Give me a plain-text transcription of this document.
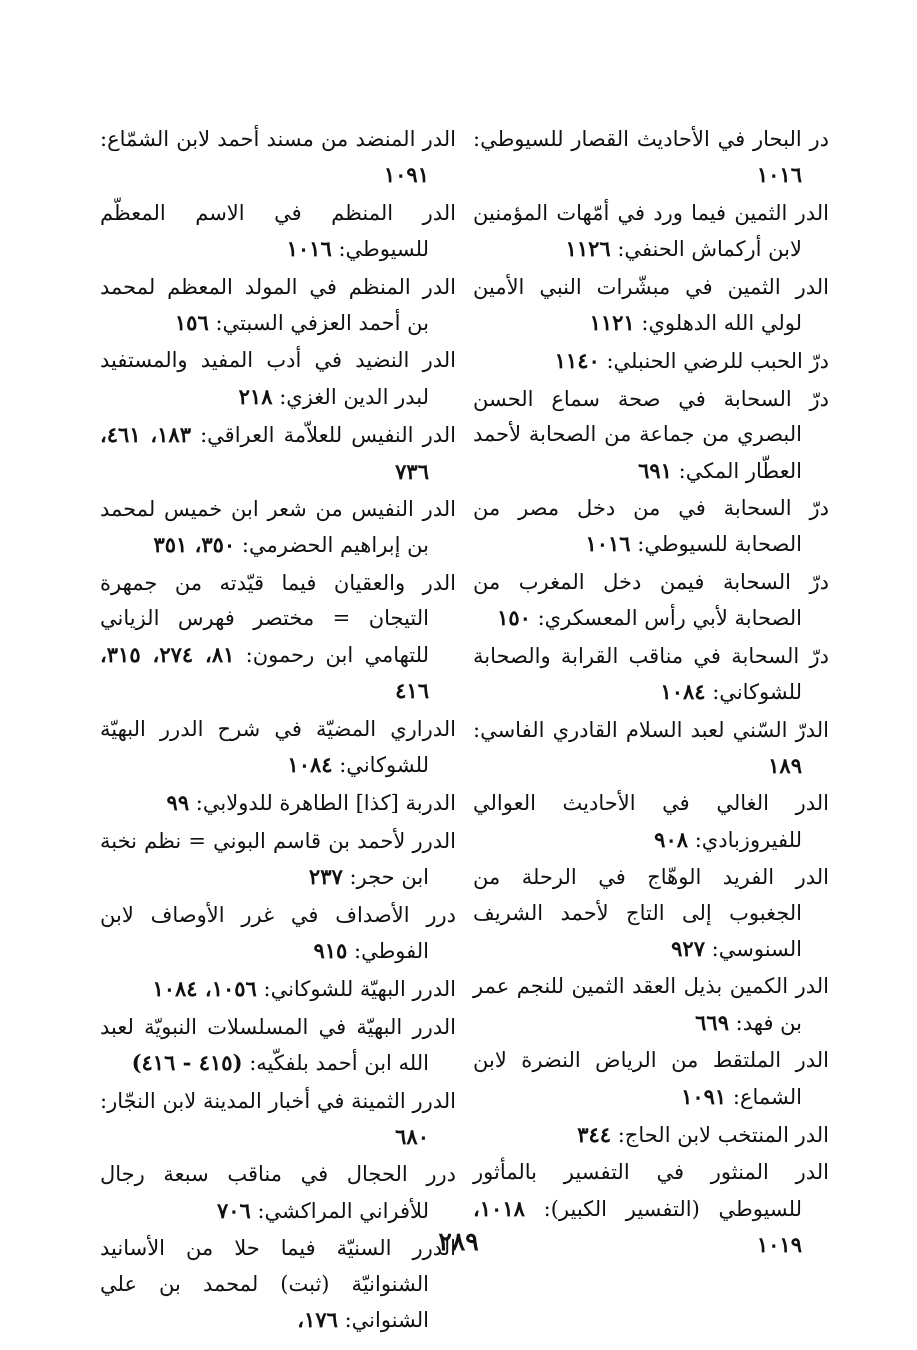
در البحار في الأحاديث القصار للسيوطي: ١٠١٦
الدر الثمين فيما ورد في أمّهات المؤمنين لابن أركماش الحنفي: ١١٢٦
الدر الثمين في مبشّرات النبي الأمين لولي الله الدهلوي: ١١٢١
درّ الحبب للرضي الحنبلي: ١١٤٠
درّ السحابة في صحة سماع الحسن البصري من جماعة من الصحابة لأحمد العطّار المكي: ٦٩١
درّ السحابة في من دخل مصر من الصحابة للسيوطي: ١٠١٦
درّ السحابة فيمن دخل المغرب من الصحابة لأبي رأس المعسكري: ١٥٠
درّ السحابة في مناقب القرابة والصحابة للشوكاني: ١٠٨٤
الدرّ السّني لعبد السلام القادري الفاسي: ١٨٩
الدر الغالي في الأحاديث العوالي للفيروزبادي: ٩٠٨
الدر الفريد الوهّاج في الرحلة من الجغبوب إلى التاج لأحمد الشريف السنوسي: ٩٢٧
الدر الكمين بذيل العقد الثمين للنجم عمر بن فهد: ٦٦٩
الدر الملتقط من الرياض النضرة لابن الشماع: ١٠٩١
الدر المنتخب لابن الحاج: ٣٤٤
الدر المنثور في التفسير بالمأثور للسيوطي (التفسير الكبير): ١٠١٨، ١٠١٩
الدر المنضد من مسند أحمد لابن الشمّاع: ١٠٩١
الدر المنظم في الاسم المعظّم للسيوطي: ١٠١٦
الدر المنظم في المولد المعظم لمحمد بن أحمد العزفي السبتي: ١٥٦
الدر النضيد في أدب المفيد والمستفيد لبدر الدين الغزي: ٢١٨
الدر النفيس للعلاّمة العراقي: ١٨٣، ٤٦١، ٧٣٦
الدر النفيس من شعر ابن خميس لمحمد بن إبراهيم الحضرمي: ٣٥٠، ٣٥١
الدر والعقيان فيما قيّدته من جمهرة التيجان = مختصر فهرس الزياني للتهامي ابن رحمون: ٨١، ٢٧٤، ٣١٥، ٤١٦
الدراري المضيّة في شرح الدرر البهيّة للشوكاني: ١٠٨٤
الدربة [كذا] الطاهرة للدولابي: ٩٩
الدرر لأحمد بن قاسم البوني = نظم نخبة ابن حجر: ٢٣٧
درر الأصداف في غرر الأوصاف لابن الفوطي: ٩١٥
الدرر البهيّة للشوكاني: ١٠٥٦، ١٠٨٤
الدرر البهيّة في المسلسلات النبويّة لعبد الله ابن أحمد بلفكّيه: (٤١٥ - ٤١٦)
الدرر الثمينة في أخبار المدينة لابن النجّار: ٦٨٠
درر الحجال في مناقب سبعة رجال للأفراني المراكشي: ٧٠٦
الدرر السنيّة فيما حلا من الأسانيد الشنوانيّة (ثبت) لمحمد بن علي الشنواني: ١٧٦،
٢٨٩
